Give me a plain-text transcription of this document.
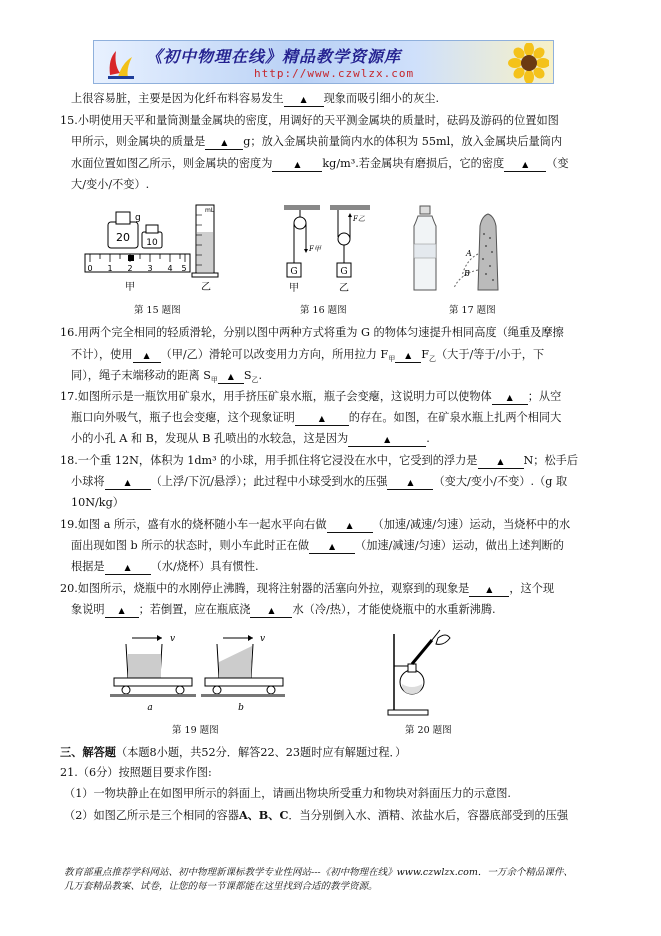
《初中物理在线》精品教学资源库
http://www.czwlzx.com
上很容易脏，主要是因为化纤布料容易发生 ▲ 现象而吸引细小的灰尘.
15.小明使用天平和量筒测量金属块的密度，用调好的天平测金属块的质量时，砝码及游码的位置如图
甲所示，则金属块的质量是 ▲ g；放入金属块前量筒内水的体积为 55ml，放入金属块后量筒内
水面位置如图乙所示，则金属块的密度为	▲ kg/m³.若金属块有磨损后，它的密度 ▲ （变
大/变小/不变）.
20
g
10
0 1 2 3 4 5
mL
甲	乙
第 15 题图
F甲
G
F乙
G
甲	乙
第 16 题图
A
B
第 17 题图
16.用两个完全相同的轻质滑轮，分别以图中两种方式将重为 G 的物体匀速提升相同高度（绳重及摩擦
不计），使用 ▲ （甲/乙）滑轮可以改变用力方向，所用拉力 $F_甲$ ▲ $F_乙$（大于/等于/小于，下
同），绳子末端移动的距离 $S_甲$ ▲ $S_乙$.
17.如图所示是一瓶饮用矿泉水，用手挤压矿泉水瓶，瓶子会变瘪，这说明力可以使物体 ▲ ；从空
瓶口向外吸气，瓶子也会变瘪，这个现象证明	▲ 的存在。如图，在矿泉水瓶上扎两个相同大
小的小孔 A 和 B，发现从 B 孔喷出的水较急，这是因为	▲	.
18.一个重 12N，体积为 1dm³ 的小球，用手抓住将它浸没在水中，它受到的浮力是 ▲ N；松手后
小球将 ▲ （上浮/下沉/悬浮）；此过程中小球受到水的压强 ▲ （变大/变小/不变）.（g 取
10N/kg）
19.如图 a 所示，盛有水的烧杯随小车一起水平向右做 ▲ （加速/减速/匀速）运动，当烧杯中的水
面出现如图 b 所示的状态时，则小车此时正在做 ▲ （加速/减速/匀速）运动，做出上述判断的
根据是 ▲ （水/烧杯）具有惯性.
20.如图所示，烧瓶中的水刚停止沸腾，现将注射器的活塞向外拉，观察到的现象是 ▲ ，这个现
象说明 ▲ ；若倒置，应在瓶底浇 ▲ 水（冷/热），才能使烧瓶中的水重新沸腾.
v
a
v
b
第 19 题图	第 20 题图
三、解答题（本题8小题，共52分．解答22、23题时应有解题过程．）
21.（6分）按照题目要求作图:
（1）一物块静止在如图甲所示的斜面上，请画出物块所受重力和物块对斜面压力的示意图.
（2）如图乙所示是三个相同的容器A、B、C．当分别倒入水、酒精、浓盐水后，容器底部受到的压强
教育部重点推荐学科网站、初中物理新课标教学专业性网站---《初中物理在线》www.czwlzx.com．一万余个精品课件、
几万套精品教案、试卷，让您的每一节课都能在这里找到合适的教学资源。
